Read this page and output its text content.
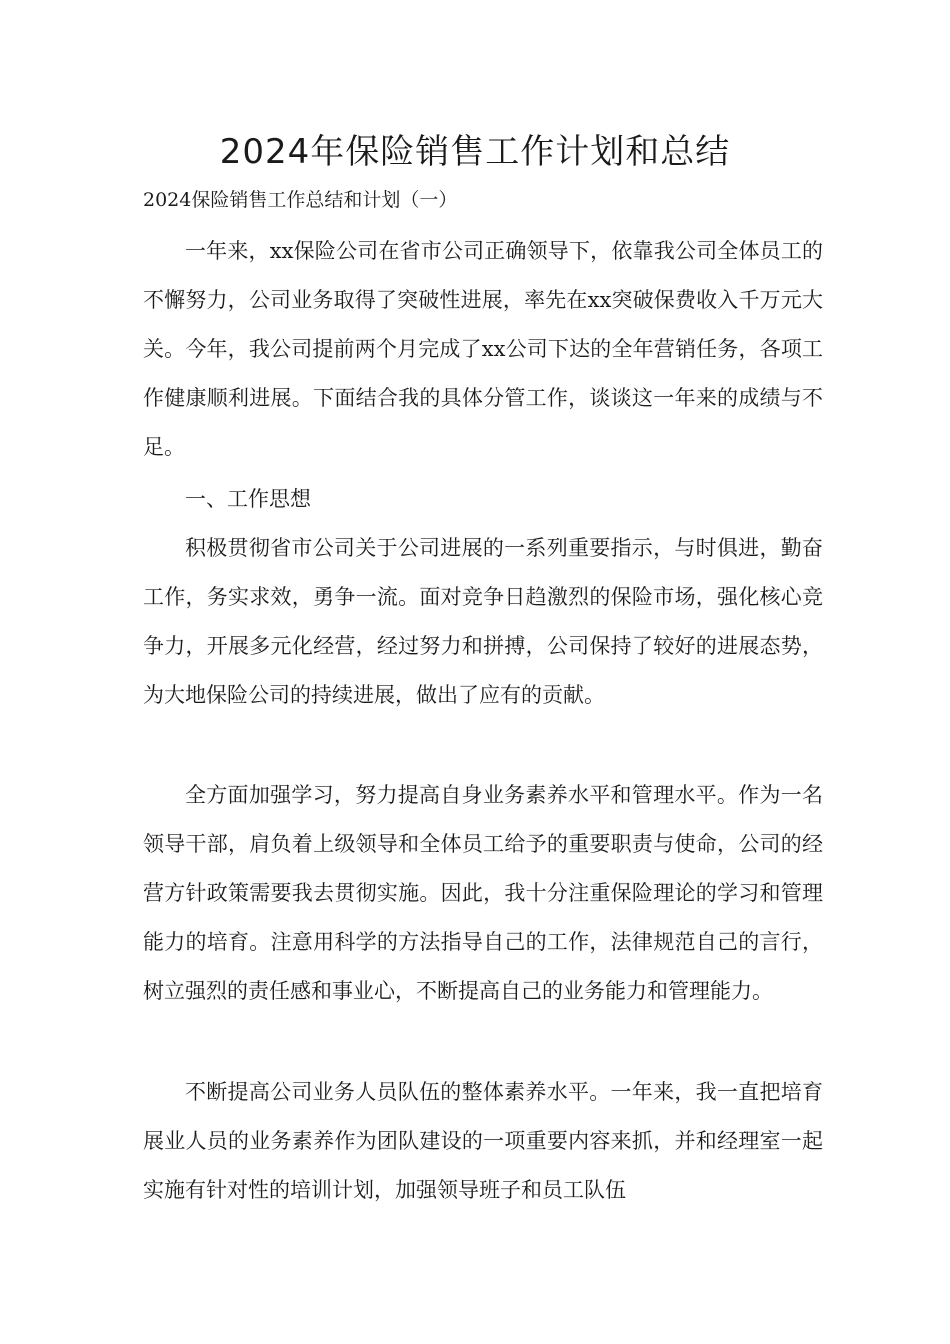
2024年保险销售工作计划和总结

2024保险销售工作总结和计划（一）

一年来，xx保险公司在省市公司正确领导下，依靠我公司全体员工的不懈努力，公司业务取得了突破性进展，率先在xx突破保费收入千万元大关。今年，我公司提前两个月完成了xx公司下达的全年营销任务，各项工作健康顺利进展。下面结合我的具体分管工作，谈谈这一年来的成绩与不足。

一、工作思想

积极贯彻省市公司关于公司进展的一系列重要指示，与时俱进，勤奋工作，务实求效，勇争一流。面对竞争日趋激烈的保险市场，强化核心竞争力，开展多元化经营，经过努力和拼搏，公司保持了较好的进展态势，为大地保险公司的持续进展，做出了应有的贡献。

全方面加强学习，努力提高自身业务素养水平和管理水平。作为一名领导干部，肩负着上级领导和全体员工给予的重要职责与使命，公司的经营方针政策需要我去贯彻实施。因此，我十分注重保险理论的学习和管理能力的培育。注意用科学的方法指导自己的工作，法律规范自己的言行，树立强烈的责任感和事业心，不断提高自己的业务能力和管理能力。

不断提高公司业务人员队伍的整体素养水平。一年来，我一直把培育展业人员的业务素养作为团队建设的一项重要内容来抓，并和经理室一起实施有针对性的培训计划，加强领导班子和员工队伍
